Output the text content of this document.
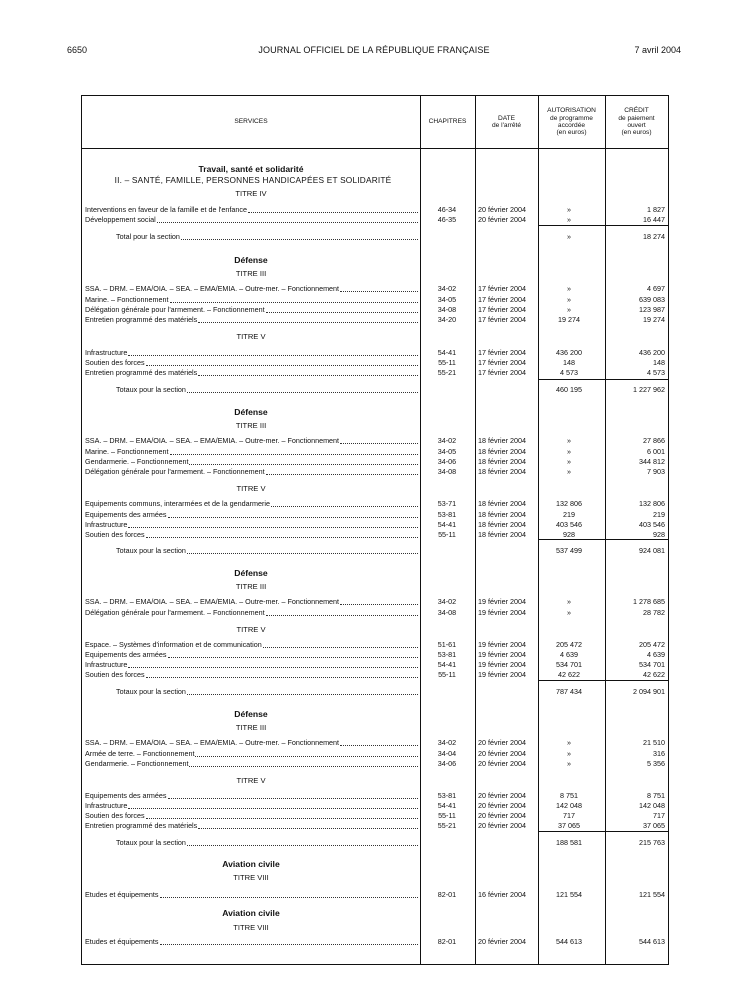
6650	JOURNAL OFFICIEL DE LA RÉPUBLIQUE FRANÇAISE	7 avril 2004
SERVICES	CHAPITRES
DATE
de l'arrêté
AUTORISATION
de programme
accordée
(en euros)
CRÉDIT
de paiement
ouvert
(en euros)
Travail, santé et solidarité
II. – SANTÉ, FAMILLE, PERSONNES HANDICAPÉES ET SOLIDARITÉ
TITRE IV
Interventions en faveur de la famille et de l'enfance	46-34	20 février 2004	»	1 827
Développement social	46-35	20 février 2004	»	16 447
Total pour la section	»	18 274
Défense
TITRE III
SSA. – DRM. – EMA/OIA. – SEA. – EMA/EMIA. – Outre-mer. – Fonctionnement	34-02	17 février 2004	»	4 697
Marine. – Fonctionnement	34-05	17 février 2004	»	639 083
Délégation générale pour l'armement. – Fonctionnement	34-08	17 février 2004	»	123 987
Entretien programmé des matériels	34-20	17 février 2004	19 274	19 274
TITRE V
Infrastructure	54-41	17 février 2004	436 200	436 200
Soutien des forces	55-11	17 février 2004	148	148
Entretien programmé des matériels	55-21	17 février 2004	4 573	4 573
Totaux pour la section	460 195	1 227 962
Défense
TITRE III
SSA. – DRM. – EMA/OIA. – SEA. – EMA/EMIA. – Outre-mer. – Fonctionnement	34-02	18 février 2004	»	27 866
Marine. – Fonctionnement	34-05	18 février 2004	»	6 001
Gendarmerie. – Fonctionnement	34-06	18 février 2004	»	344 812
Délégation générale pour l'armement. – Fonctionnement	34-08	18 février 2004	»	7 903
TITRE V
Equipements communs, interarmées et de la gendarmerie	53-71	18 février 2004	132 806	132 806
Equipements des armées	53-81	18 février 2004	219	219
Infrastructure	54-41	18 février 2004	403 546	403 546
Soutien des forces	55-11	18 février 2004	928	928
Totaux pour la section	537 499	924 081
Défense
TITRE III
SSA. – DRM. – EMA/OIA. – SEA. – EMA/EMIA. – Outre-mer. – Fonctionnement	34-02	19 février 2004	»	1 278 685
Délégation générale pour l'armement. – Fonctionnement	34-08	19 février 2004	»	28 782
TITRE V
Espace. – Systèmes d'information et de communication	51-61	19 février 2004	205 472	205 472
Equipements des armées	53-81	19 février 2004	4 639	4 639
Infrastructure	54-41	19 février 2004	534 701	534 701
Soutien des forces	55-11	19 février 2004	42 622	42 622
Totaux pour la section	787 434	2 094 901
Défense
TITRE III
SSA. – DRM. – EMA/OIA. – SEA. – EMA/EMIA. – Outre-mer. – Fonctionnement	34-02	20 février 2004	»	21 510
Armée de terre. – Fonctionnement	34-04	20 février 2004	»	316
Gendarmerie. – Fonctionnement	34-06	20 février 2004	»	5 356
TITRE V
Equipements des armées	53-81	20 février 2004	8 751	8 751
Infrastructure	54-41	20 février 2004	142 048	142 048
Soutien des forces	55-11	20 février 2004	717	717
Entretien programmé des matériels	55-21	20 février 2004	37 065	37 065
Totaux pour la section	188 581	215 763
Aviation civile
TITRE VIII
Etudes et équipements	82-01	16 février 2004	121 554	121 554
Aviation civile
TITRE VIII
Etudes et équipements	82-01	20 février 2004	544 613	544 613
